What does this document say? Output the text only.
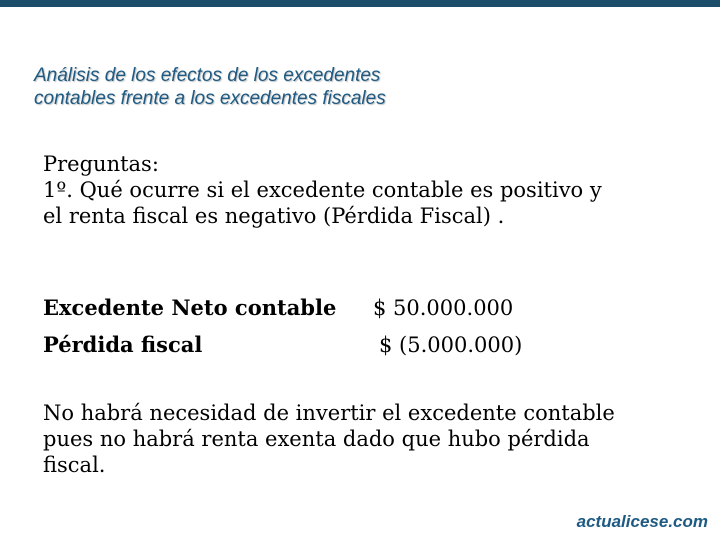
Análisis de los efectos de los excedentes
contables frente a los excedentes fiscales
Preguntas:
1º. Qué ocurre si el excedente contable es positivo y
el renta fiscal es negativo (Pérdida Fiscal) .
Excedente Neto contable	$ 50.000.000
Pérdida fiscal	$ (5.000.000)
No habrá necesidad de invertir el excedente contable
pues no habrá renta exenta dado que hubo pérdida
fiscal.
actualicese.com
